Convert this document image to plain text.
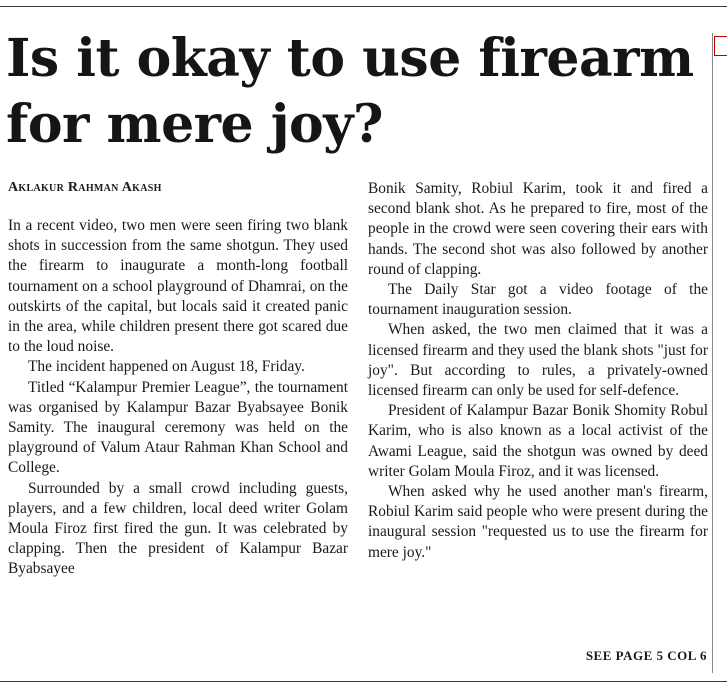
Is it okay to use firearm for mere joy?
Aklakur Rahman Akash

In a recent video, two men were seen firing two blank shots in succession from the same shotgun. They used the firearm to inaugurate a month-long football tournament on a school playground of Dhamrai, on the outskirts of the capital, but locals said it created panic in the area, while children present there got scared due to the loud noise.

The incident happened on August 18, Friday.

Titled “Kalampur Premier League”, the tournament was organised by Kalampur Bazar Byabsayee Bonik Samity. The inaugural ceremony was held on the playground of Valum Ataur Rahman Khan School and College.

Surrounded by a small crowd including guests, players, and a few children, local deed writer Golam Moula Firoz first fired the gun. It was celebrated by clapping. Then the president of Kalampur Bazar Byabsayee

Bonik Samity, Robiul Karim, took it and fired a second blank shot. As he prepared to fire, most of the people in the crowd were seen covering their ears with hands. The second shot was also followed by another round of clapping.

The Daily Star got a video footage of the tournament inauguration session.

When asked, the two men claimed that it was a licensed firearm and they used the blank shots "just for joy". But according to rules, a privately-owned licensed firearm can only be used for self-defence.

President of Kalampur Bazar Bonik Shomity Robul Karim, who is also known as a local activist of the Awami League, said the shotgun was owned by deed writer Golam Moula Firoz, and it was licensed.

When asked why he used another man's firearm, Robiul Karim said people who were present during the inaugural session "requested us to use the firearm for mere joy."

SEE PAGE 5 COL 6
